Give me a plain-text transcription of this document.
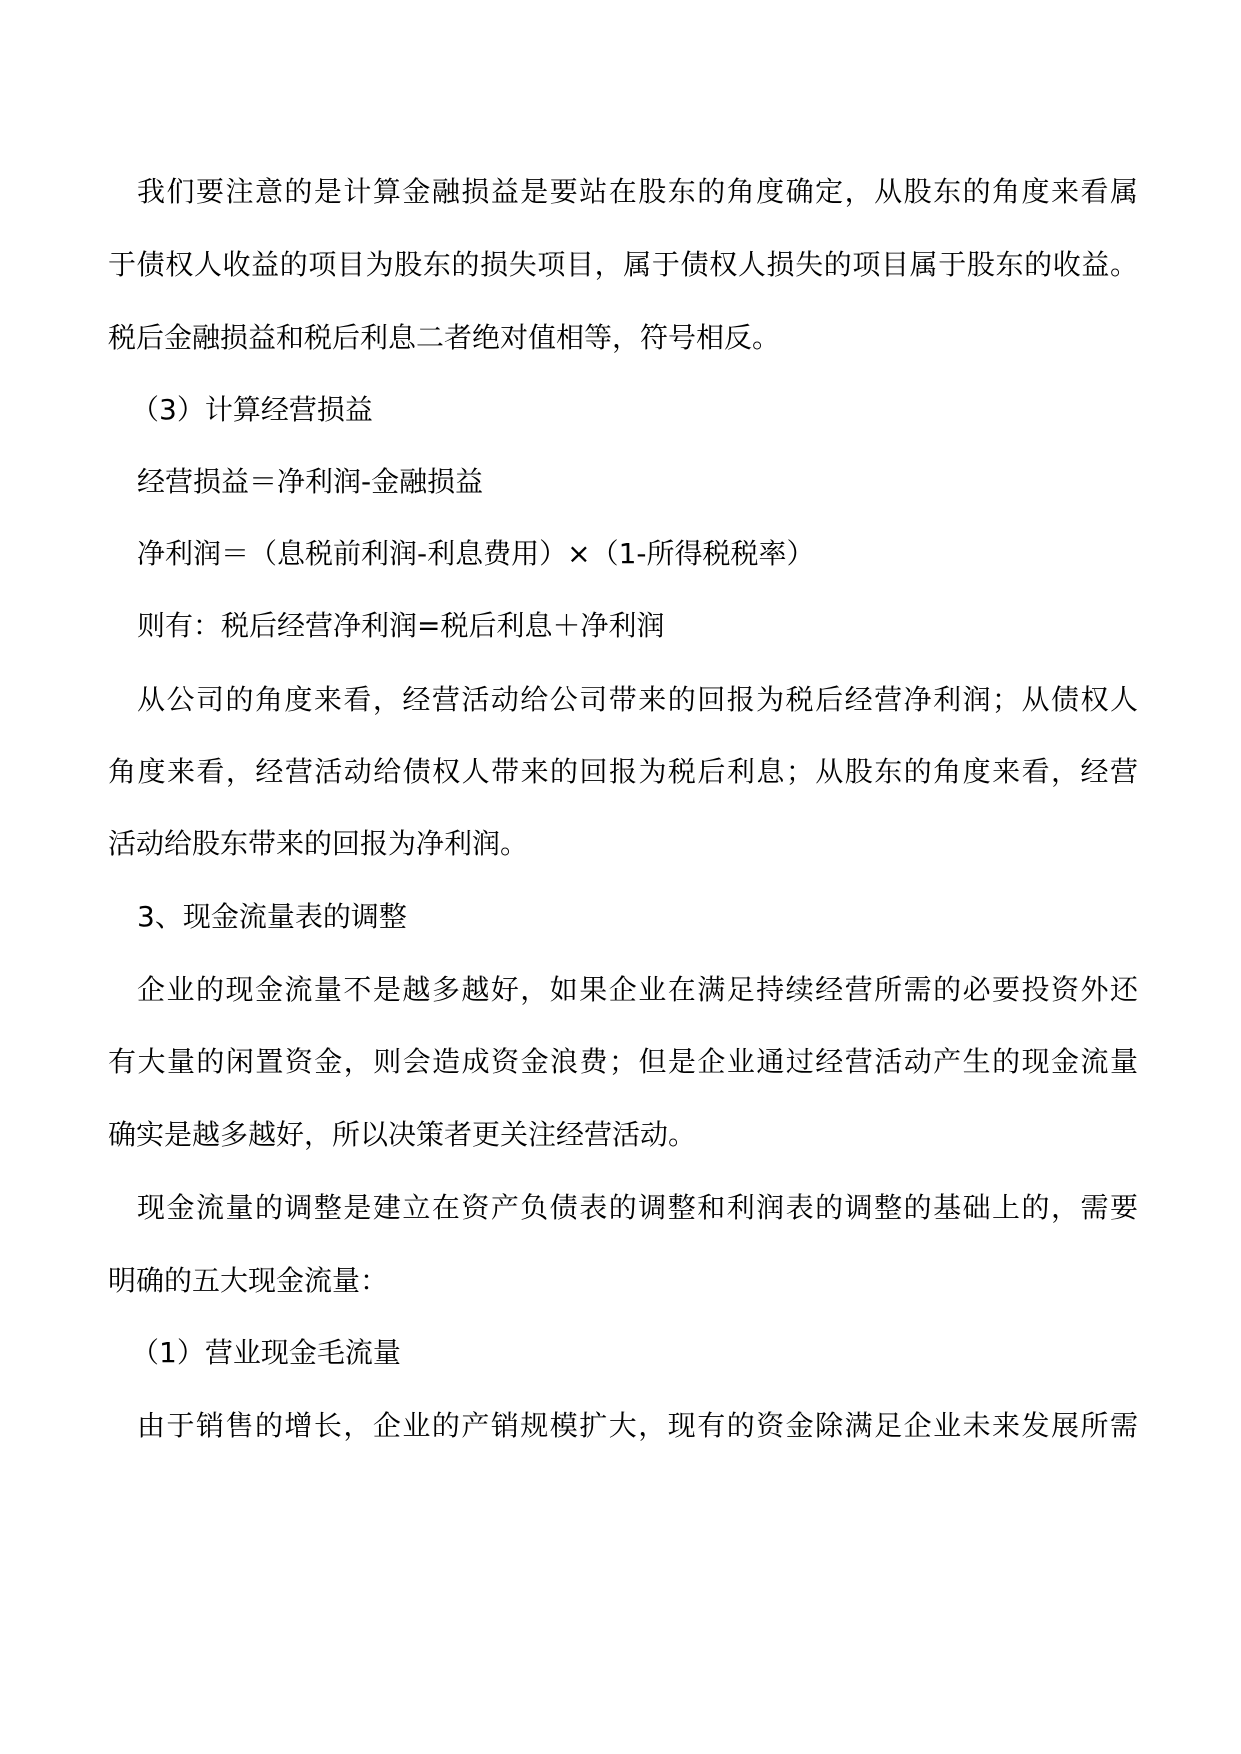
我们要注意的是计算金融损益是要站在股东的角度确定，从股东的角度来看属
于债权人收益的项目为股东的损失项目，属于债权人损失的项目属于股东的收益。
税后金融损益和税后利息二者绝对值相等，符号相反。
（3）计算经营损益
经营损益＝净利润-金融损益
净利润＝（息税前利润-利息费用）×（1-所得税税率）
则有：税后经营净利润=税后利息＋净利润
从公司的角度来看，经营活动给公司带来的回报为税后经营净利润；从债权人
角度来看，经营活动给债权人带来的回报为税后利息；从股东的角度来看，经营
活动给股东带来的回报为净利润。
3、现金流量表的调整
企业的现金流量不是越多越好，如果企业在满足持续经营所需的必要投资外还
有大量的闲置资金，则会造成资金浪费；但是企业通过经营活动产生的现金流量
确实是越多越好，所以决策者更关注经营活动。
现金流量的调整是建立在资产负债表的调整和利润表的调整的基础上的，需要
明确的五大现金流量：
（1）营业现金毛流量
由于销售的增长，企业的产销规模扩大，现有的资金除满足企业未来发展所需
